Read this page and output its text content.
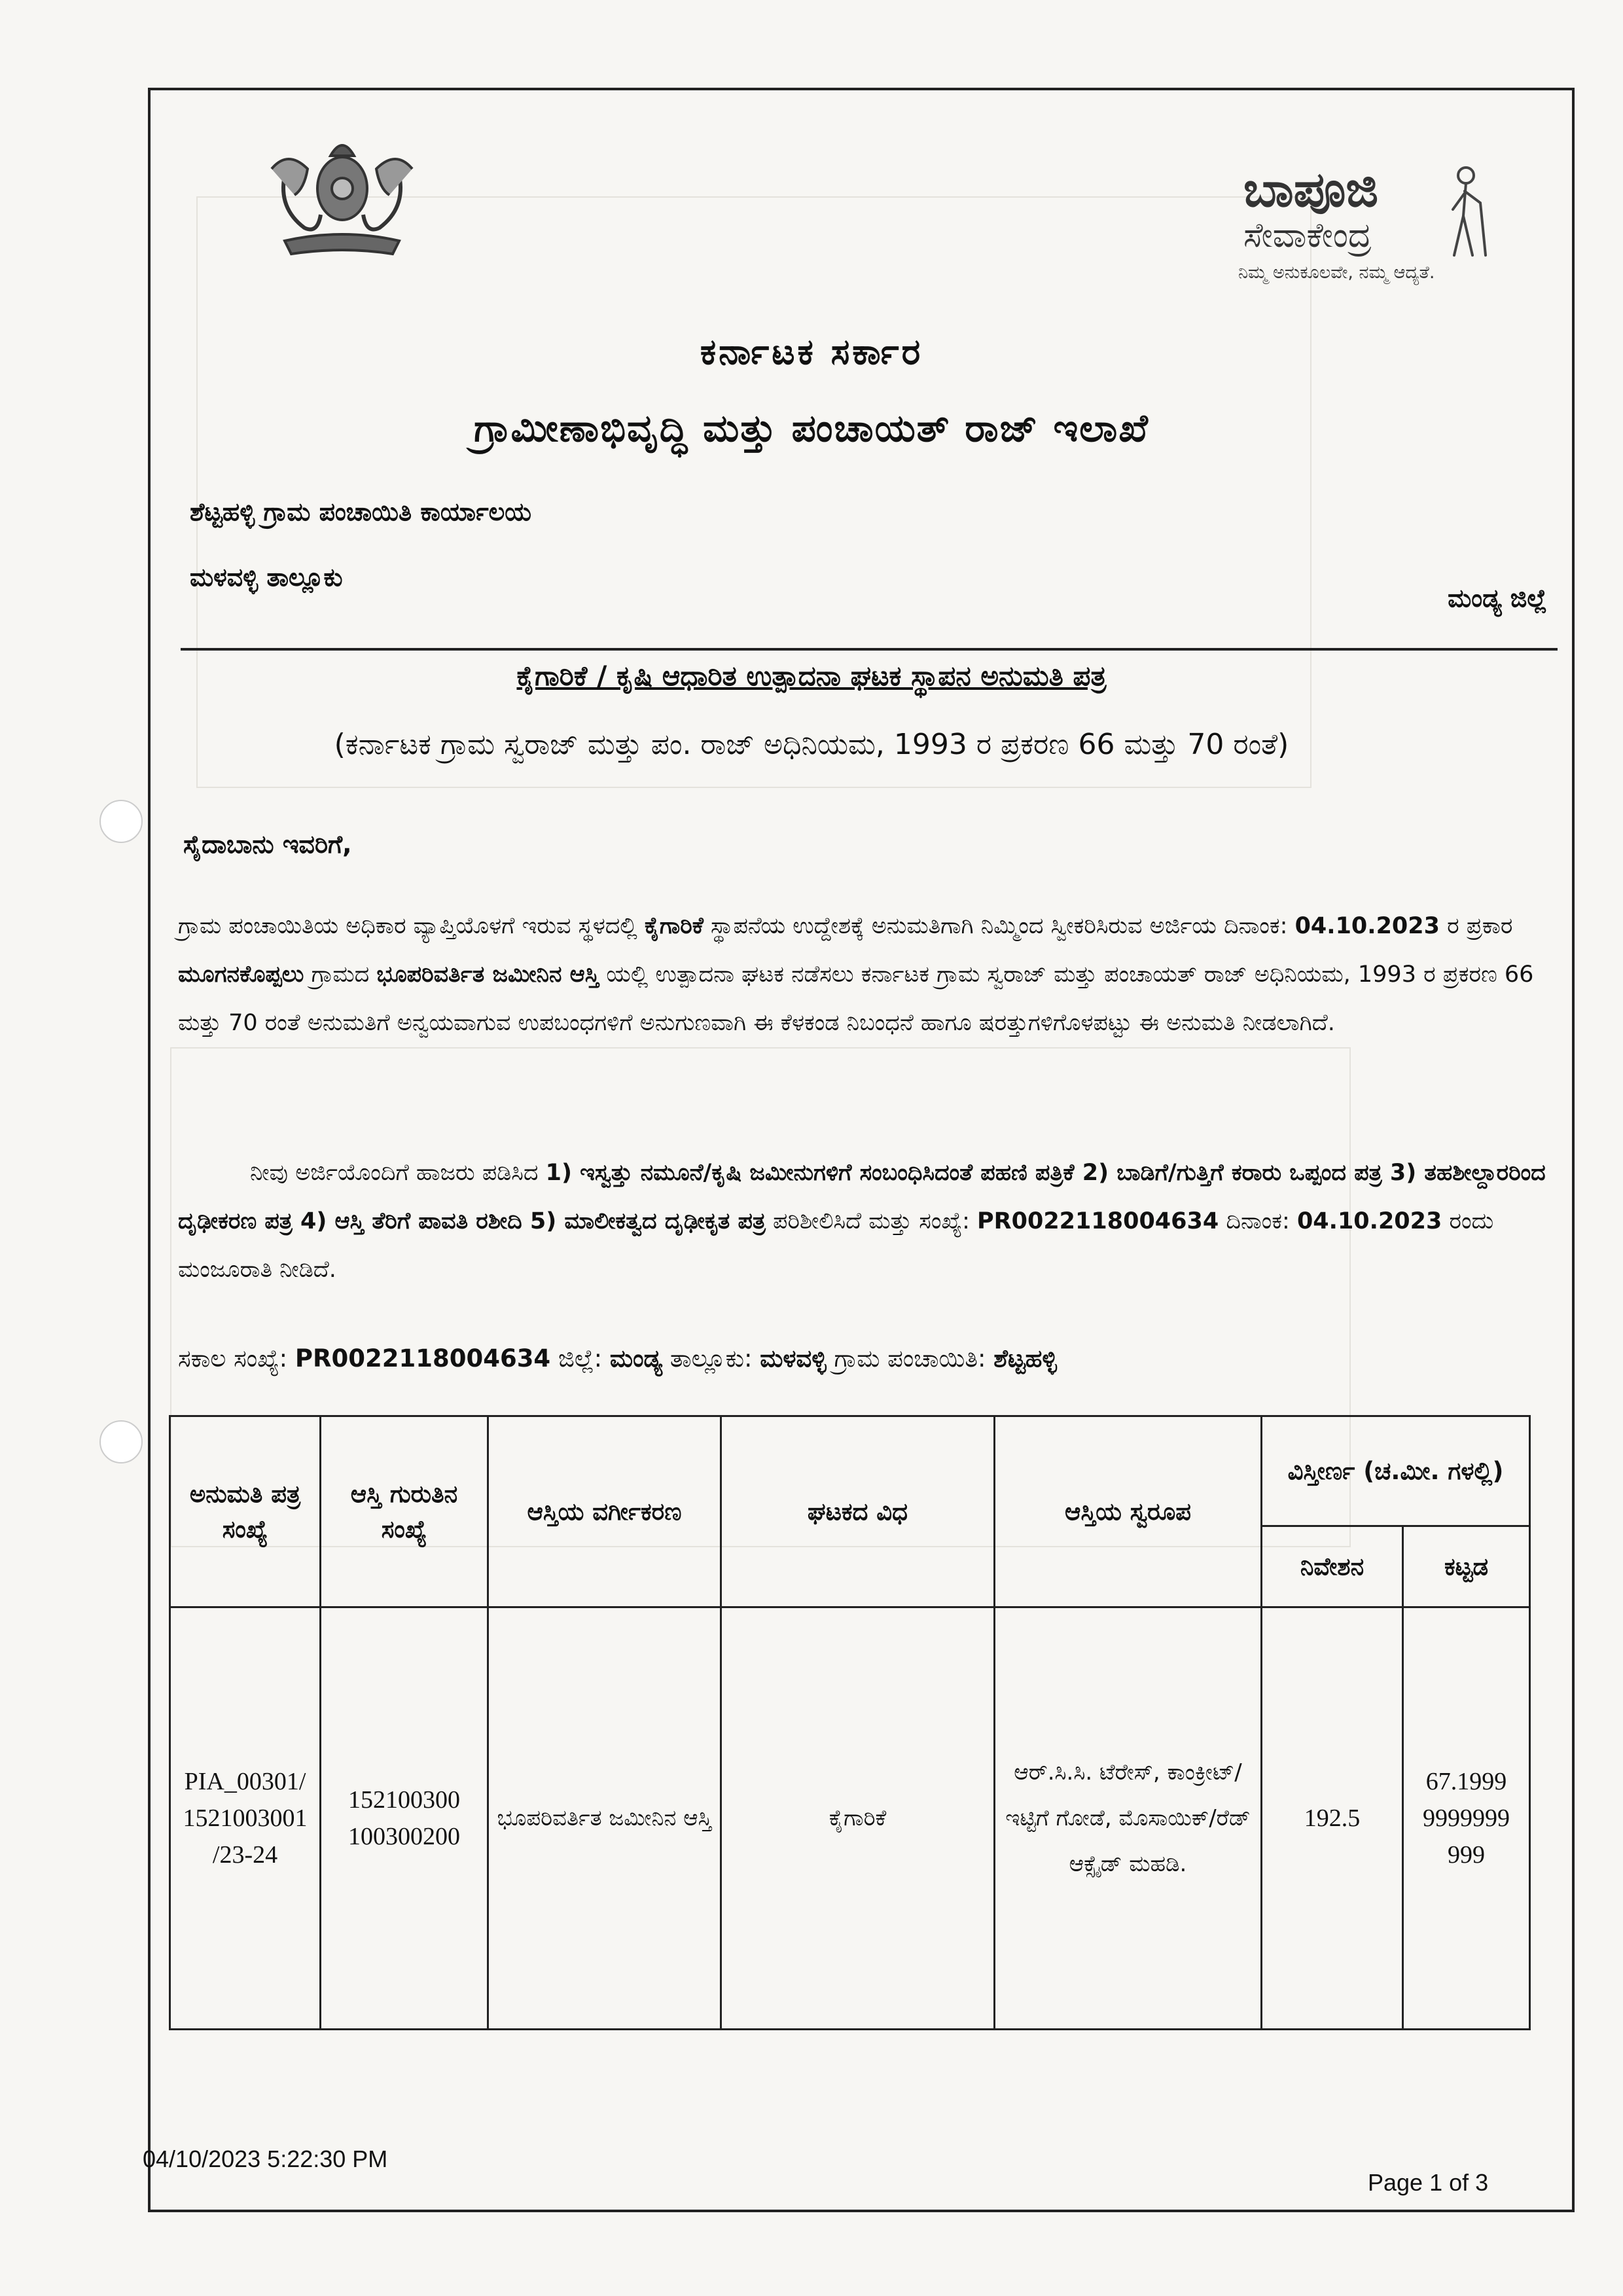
ಬಾಪೂಜಿ
ಸೇವಾಕೇಂದ್ರ
ನಿಮ್ಮ ಅನುಕೂಲವೇ, ನಮ್ಮ ಆದ್ಯತೆ.
ಕರ್ನಾಟಕ ಸರ್ಕಾರ
ಗ್ರಾಮೀಣಾಭಿವೃದ್ಧಿ ಮತ್ತು ಪಂಚಾಯತ್ ರಾಜ್ ಇಲಾಖೆ
ಶೆಟ್ಟಹಳ್ಳಿ ಗ್ರಾಮ ಪಂಚಾಯಿತಿ ಕಾರ್ಯಾಲಯ
ಮಳವಳ್ಳಿ ತಾಲ್ಲೂಕು
ಮಂಡ್ಯ ಜಿಲ್ಲೆ
ಕೈಗಾರಿಕೆ / ಕೃಷಿ ಆಧಾರಿತ ಉತ್ಪಾದನಾ ಘಟಕ ಸ್ಥಾಪನ ಅನುಮತಿ ಪತ್ರ
(ಕರ್ನಾಟಕ ಗ್ರಾಮ ಸ್ವರಾಜ್ ಮತ್ತು ಪಂ. ರಾಜ್ ಅಧಿನಿಯಮ, 1993 ರ ಪ್ರಕರಣ 66 ಮತ್ತು 70 ರಂತೆ)
ಸೈದಾಬಾನು ಇವರಿಗೆ,
ಗ್ರಾಮ ಪಂಚಾಯಿತಿಯ ಅಧಿಕಾರ ವ್ಯಾಪ್ತಿಯೊಳಗೆ ಇರುವ ಸ್ಥಳದಲ್ಲಿ ಕೈಗಾರಿಕೆ ಸ್ಥಾಪನೆಯ ಉದ್ದೇಶಕ್ಕೆ ಅನುಮತಿಗಾಗಿ ನಿಮ್ಮಿಂದ ಸ್ವೀಕರಿಸಿರುವ ಅರ್ಜಿಯ ದಿನಾಂಕ: 04.10.2023 ರ ಪ್ರಕಾರ ಮೂಗನಕೊಪ್ಪಲು ಗ್ರಾಮದ ಭೂಪರಿವರ್ತಿತ ಜಮೀನಿನ ಆಸ್ತಿ ಯಲ್ಲಿ ಉತ್ಪಾದನಾ ಘಟಕ ನಡೆಸಲು ಕರ್ನಾಟಕ ಗ್ರಾಮ ಸ್ವರಾಜ್ ಮತ್ತು ಪಂಚಾಯತ್ ರಾಜ್ ಅಧಿನಿಯಮ, 1993 ರ ಪ್ರಕರಣ 66 ಮತ್ತು 70 ರಂತೆ ಅನುಮತಿಗೆ ಅನ್ವಯವಾಗುವ ಉಪಬಂಧಗಳಿಗೆ ಅನುಗುಣವಾಗಿ ಈ ಕೆಳಕಂಡ ನಿಬಂಧನೆ ಹಾಗೂ ಷರತ್ತುಗಳಿಗೊಳಪಟ್ಟು ಈ ಅನುಮತಿ ನೀಡಲಾಗಿದೆ.
ನೀವು ಅರ್ಜಿಯೊಂದಿಗೆ ಹಾಜರು ಪಡಿಸಿದ 1) ಇಸ್ವತ್ತು ನಮೂನೆ/ಕೃಷಿ ಜಮೀನುಗಳಿಗೆ ಸಂಬಂಧಿಸಿದಂತೆ ಪಹಣಿ ಪತ್ರಿಕೆ 2) ಬಾಡಿಗೆ/ಗುತ್ತಿಗೆ ಕರಾರು ಒಪ್ಪಂದ ಪತ್ರ 3) ತಹಶೀಲ್ದಾರರಿಂದ ದೃಢೀಕರಣ ಪತ್ರ 4) ಆಸ್ತಿ ತೆರಿಗೆ ಪಾವತಿ ರಶೀದಿ 5) ಮಾಲೀಕತ್ವದ ದೃಢೀಕೃತ ಪತ್ರ ಪರಿಶೀಲಿಸಿದೆ ಮತ್ತು ಸಂಖ್ಯೆ: PR0022118004634 ದಿನಾಂಕ: 04.10.2023 ರಂದು ಮಂಜೂರಾತಿ ನೀಡಿದೆ.
ಸಕಾಲ ಸಂಖ್ಯೆ: PR0022118004634 ಜಿಲ್ಲೆ: ಮಂಡ್ಯ ತಾಲ್ಲೂಕು: ಮಳವಳ್ಳಿ ಗ್ರಾಮ ಪಂಚಾಯಿತಿ: ಶೆಟ್ಟಹಳ್ಳಿ
ಅನುಮತಿ ಪತ್ರ ಸಂಖ್ಯೆ	ಆಸ್ತಿ ಗುರುತಿನ ಸಂಖ್ಯೆ	ಆಸ್ತಿಯ ವರ್ಗೀಕರಣ	ಘಟಕದ ವಿಧ	ಆಸ್ತಿಯ ಸ್ವರೂಪ	ವಿಸ್ತೀರ್ಣ (ಚ.ಮೀ. ಗಳಲ್ಲಿ)	
					ನಿವೇಶನ	ಕಟ್ಟಡ
PIA_00301/ 1521003001 /23-24	152100300 100300200	ಭೂಪರಿವರ್ತಿತ ಜಮೀನಿನ ಆಸ್ತಿ	ಕೈಗಾರಿಕೆ	ಆರ್.ಸಿ.ಸಿ. ಟೆರೇಸ್, ಕಾಂಕ್ರೀಟ್/ಇಟ್ಟಿಗೆ ಗೋಡೆ, ಮೊಸಾಯಿಕ್/ರೆಡ್ ಆಕ್ಸೈಡ್ ಮಹಡಿ.	192.5	67.1999 9999999 999
04/10/2023 5:22:30 PM
Page 1 of 3
